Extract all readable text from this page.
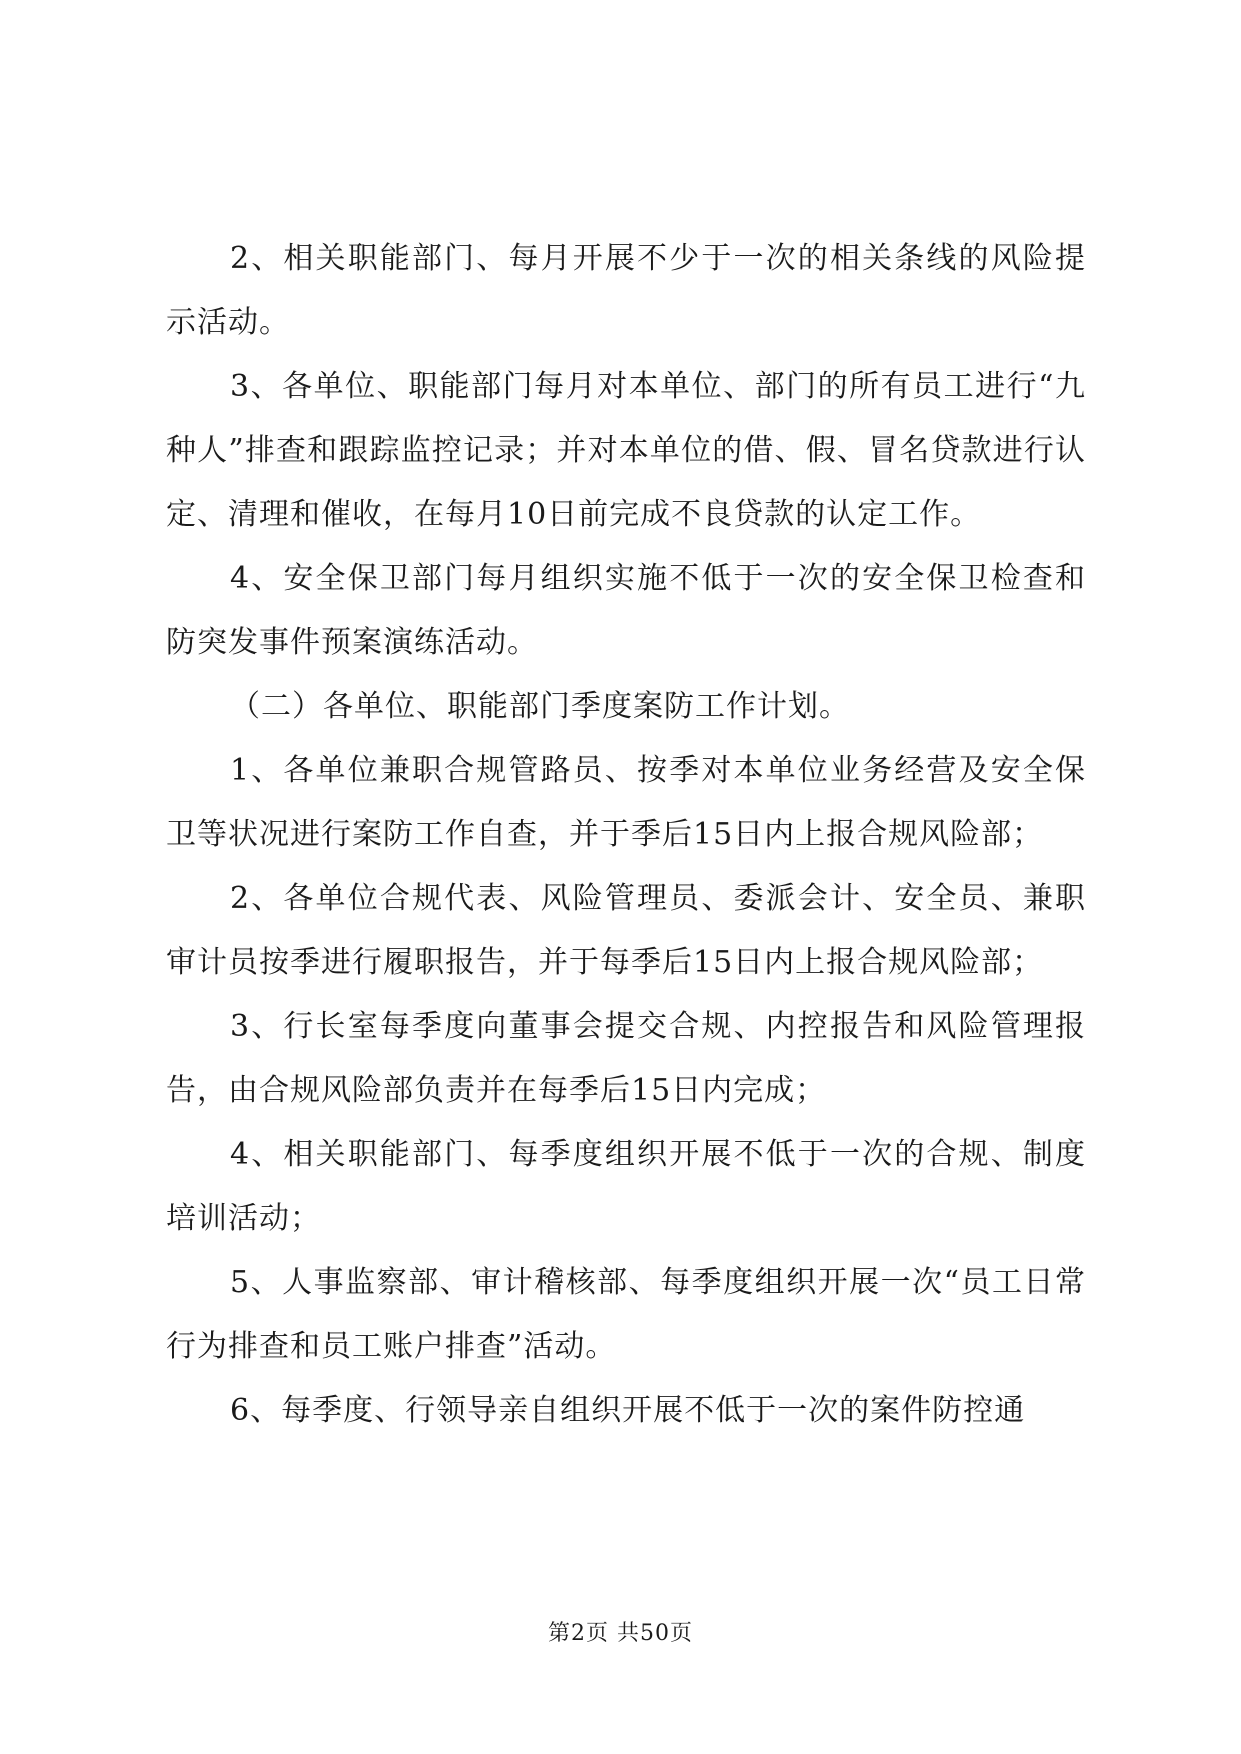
2、相关职能部门、每月开展不少于一次的相关条线的风险提示活动。

3、各单位、职能部门每月对本单位、部门的所有员工进行“九种人”排查和跟踪监控记录；并对本单位的借、假、冒名贷款进行认定、清理和催收，在每月10日前完成不良贷款的认定工作。

4、安全保卫部门每月组织实施不低于一次的安全保卫检查和防突发事件预案演练活动。

（二）各单位、职能部门季度案防工作计划。

1、各单位兼职合规管路员、按季对本单位业务经营及安全保卫等状况进行案防工作自查，并于季后15日内上报合规风险部；

2、各单位合规代表、风险管理员、委派会计、安全员、兼职审计员按季进行履职报告，并于每季后15日内上报合规风险部；

3、行长室每季度向董事会提交合规、内控报告和风险管理报告，由合规风险部负责并在每季后15日内完成；

4、相关职能部门、每季度组织开展不低于一次的合规、制度培训活动；

5、人事监察部、审计稽核部、每季度组织开展一次“员工日常行为排查和员工账户排查”活动。

6、每季度、行领导亲自组织开展不低于一次的案件防控通

第2页 共50页
